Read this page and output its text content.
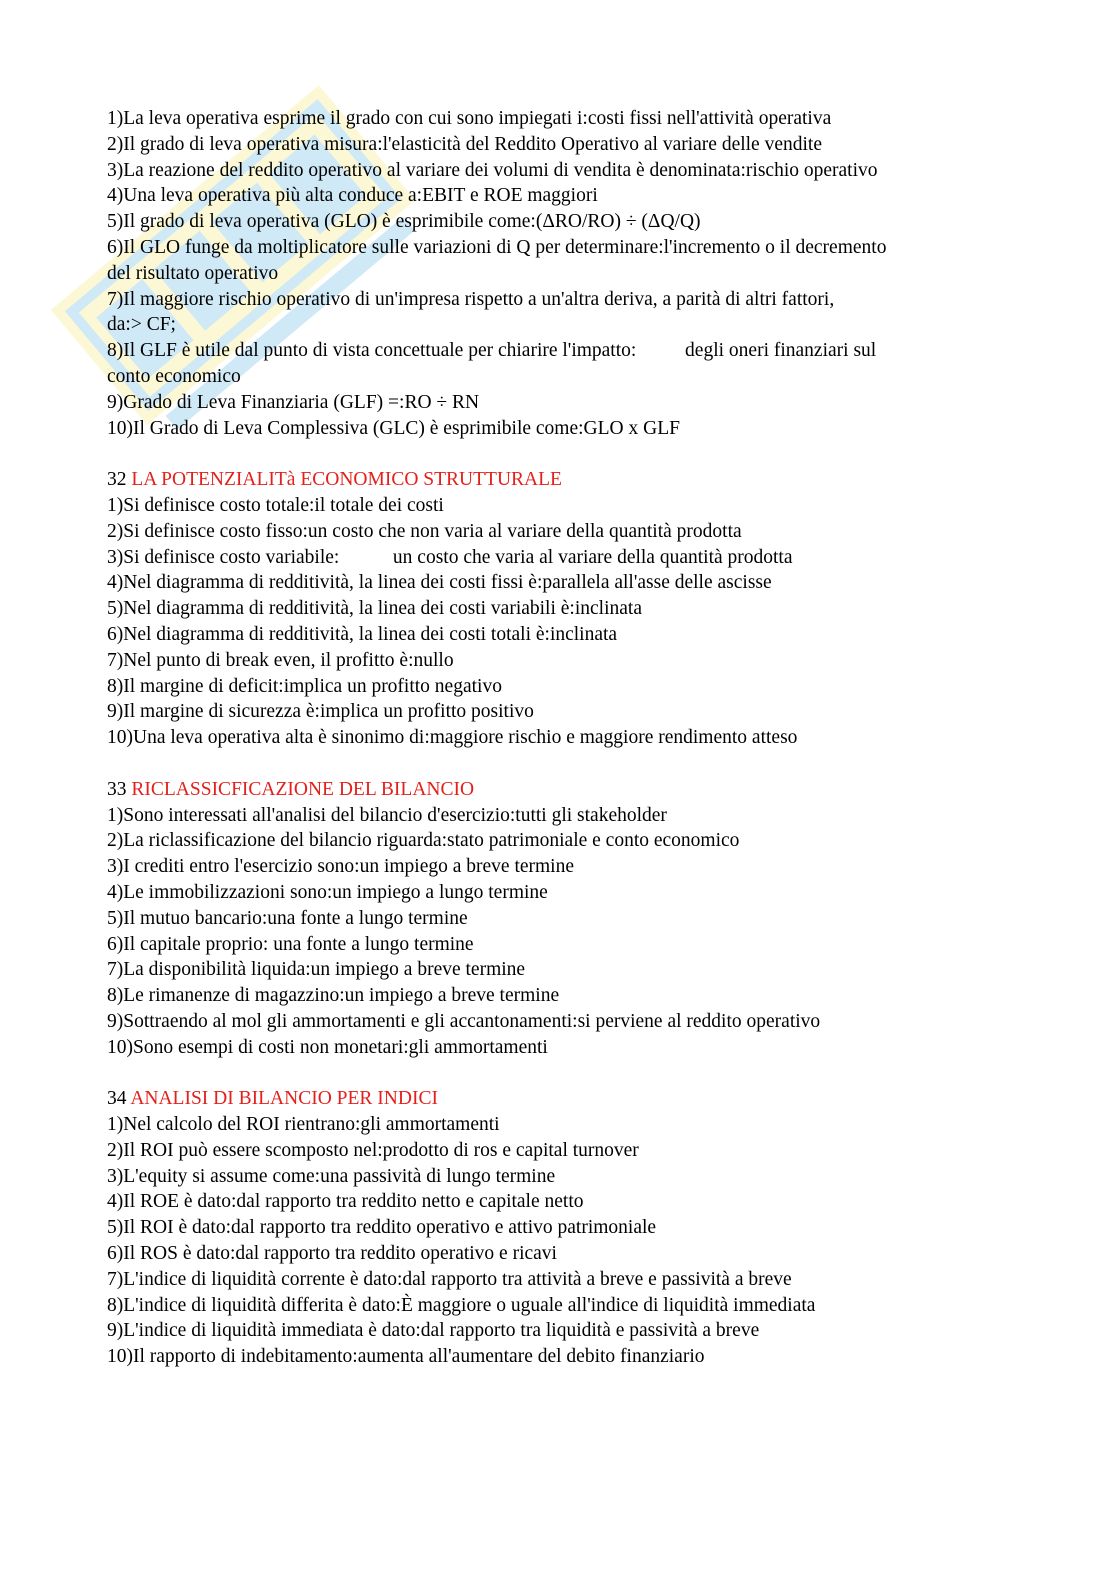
1)La leva operativa esprime il grado con cui sono impiegati i:costi fissi nell'attività operativa
2)Il grado di leva operativa misura:l'elasticità del Reddito Operativo al variare delle vendite
3)La reazione del reddito operativo al variare dei volumi di vendita è denominata:rischio operativo
4)Una leva operativa più alta conduce a:EBIT e ROE maggiori
5)Il grado di leva operativa (GLO) è esprimibile come:(ΔRO/RO) ÷ (ΔQ/Q)
6)Il GLO funge da moltiplicatore sulle variazioni di Q per determinare:l'incremento o il decremento
del risultato operativo
7)Il maggiore rischio operativo di un'impresa rispetto a un'altra deriva, a parità di altri fattori,
da:> CF;
8)Il GLF è utile dal punto di vista concettuale per chiarire l'impatto:          degli oneri finanziari sul
conto economico
9)Grado di Leva Finanziaria (GLF) =:RO ÷ RN
10)Il Grado di Leva Complessiva (GLC) è esprimibile come:GLO x GLF
32 LA POTENZIALITà ECONOMICO STRUTTURALE
1)Si definisce costo totale:il totale dei costi
2)Si definisce costo fisso:un costo che non varia al variare della quantità prodotta
3)Si definisce costo variabile:           un costo che varia al variare della quantità prodotta
4)Nel diagramma di redditività, la linea dei costi fissi è:parallela all'asse delle ascisse
5)Nel diagramma di redditività, la linea dei costi variabili è:inclinata
6)Nel diagramma di redditività, la linea dei costi totali è:inclinata
7)Nel punto di break even, il profitto è:nullo
8)Il margine di deficit:implica un profitto negativo
9)Il margine di sicurezza è:implica un profitto positivo
10)Una leva operativa alta è sinonimo di:maggiore rischio e maggiore rendimento atteso
33 RICLASSICFICAZIONE DEL BILANCIO
1)Sono interessati all'analisi del bilancio d'esercizio:tutti gli stakeholder
2)La riclassificazione del bilancio riguarda:stato patrimoniale e conto economico
3)I crediti entro l'esercizio sono:un impiego a breve termine
4)Le immobilizzazioni sono:un impiego a lungo termine
5)Il mutuo bancario:una fonte a lungo termine
6)Il capitale proprio: una fonte a lungo termine
7)La disponibilità liquida:un impiego a breve termine
8)Le rimanenze di magazzino:un impiego a breve termine
9)Sottraendo al mol gli ammortamenti e gli accantonamenti:si perviene al reddito operativo
10)Sono esempi di costi non monetari:gli ammortamenti
34 ANALISI DI BILANCIO PER INDICI
1)Nel calcolo del ROI rientrano:gli ammortamenti
2)Il ROI può essere scomposto nel:prodotto di ros e capital turnover
3)L'equity si assume come:una passività di lungo termine
4)Il ROE è dato:dal rapporto tra reddito netto e capitale netto
5)Il ROI è dato:dal rapporto tra reddito operativo e attivo patrimoniale
6)Il ROS è dato:dal rapporto tra reddito operativo e ricavi
7)L'indice di liquidità corrente è dato:dal rapporto tra attività a breve e passività a breve
8)L'indice di liquidità differita è dato:È maggiore o uguale all'indice di liquidità immediata
9)L'indice di liquidità immediata è dato:dal rapporto tra liquidità e passività a breve
10)Il rapporto di indebitamento:aumenta all'aumentare del debito finanziario
